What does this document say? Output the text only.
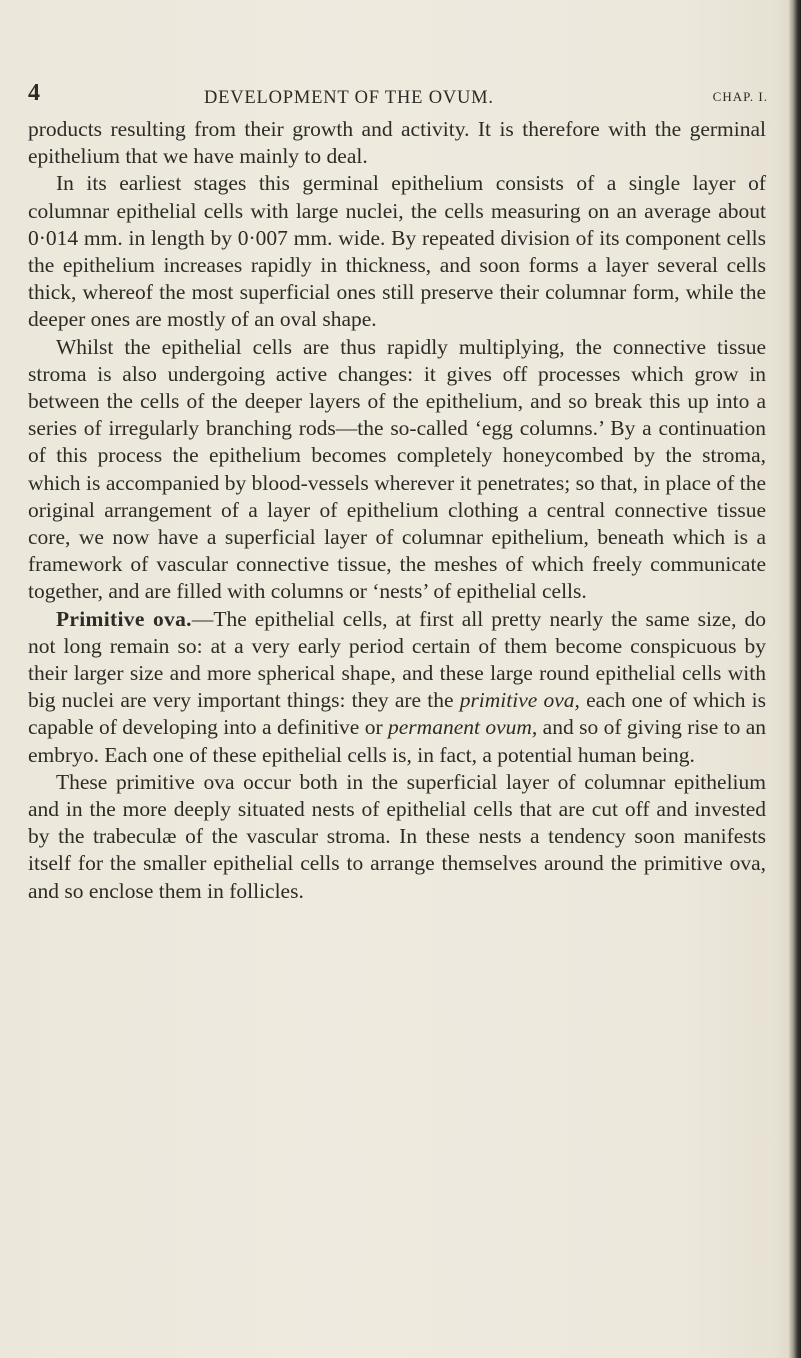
4	DEVELOPMENT OF THE OVUM.	CHAP. I.

products resulting from their growth and activity. It is therefore with the germinal epithelium that we have mainly to deal.

In its earliest stages this germinal epithelium consists of a single layer of columnar epithelial cells with large nuclei, the cells measuring on an average about 0·014 mm. in length by 0·007 mm. wide. By repeated division of its component cells the epithelium increases rapidly in thickness, and soon forms a layer several cells thick, whereof the most superficial ones still preserve their columnar form, while the deeper ones are mostly of an oval shape.

Whilst the epithelial cells are thus rapidly multiplying, the connective tissue stroma is also undergoing active changes: it gives off processes which grow in between the cells of the deeper layers of the epithelium, and so break this up into a series of irregularly branching rods—the so-called ‘egg columns.’ By a continuation of this process the epithelium becomes completely honeycombed by the stroma, which is accompanied by blood-vessels wherever it penetrates; so that, in place of the original arrangement of a layer of epithelium clothing a central connective tissue core, we now have a superficial layer of columnar epithelium, beneath which is a framework of vascular connective tissue, the meshes of which freely communicate together, and are filled with columns or ‘nests’ of epithelial cells.

Primitive ova.—The epithelial cells, at first all pretty nearly the same size, do not long remain so: at a very early period certain of them become conspicuous by their larger size and more spherical shape, and these large round epithelial cells with big nuclei are very important things: they are the primitive ova, each one of which is capable of developing into a definitive or permanent ovum, and so of giving rise to an embryo. Each one of these epithelial cells is, in fact, a potential human being.

These primitive ova occur both in the superficial layer of columnar epithelium and in the more deeply situated nests of epithelial cells that are cut off and invested by the trabeculæ of the vascular stroma. In these nests a tendency soon manifests itself for the smaller epithelial cells to arrange themselves around the primitive ova, and so enclose them in follicles.
